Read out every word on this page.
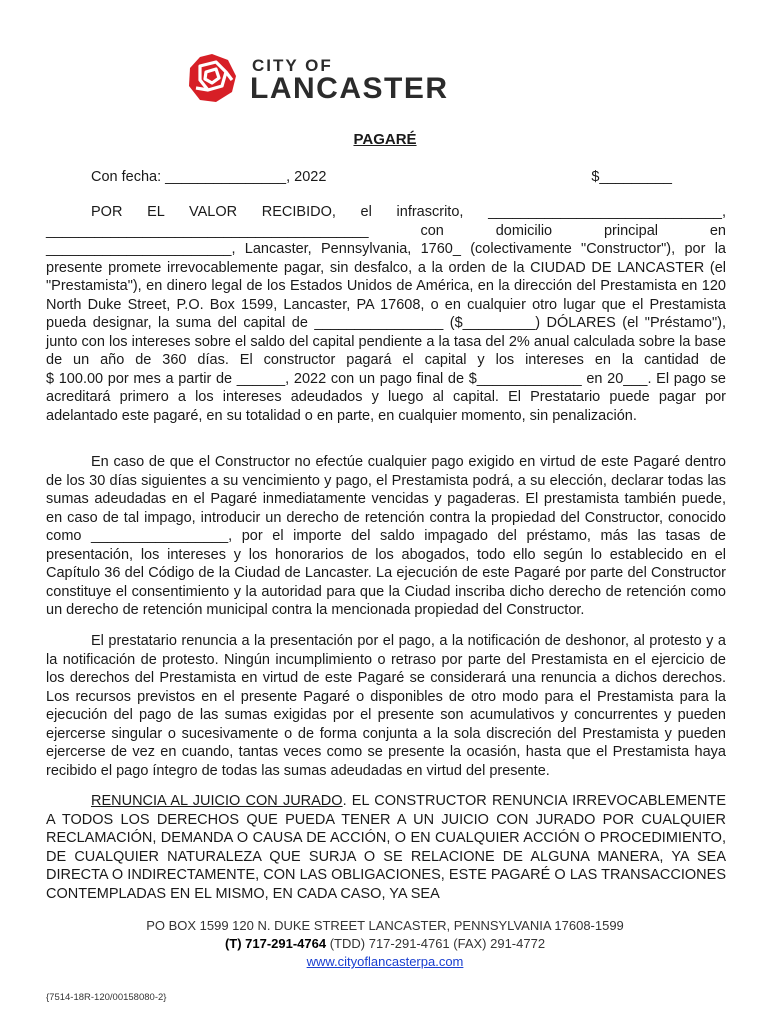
CITY OF
LANCASTER
PAGARÉ
Con fecha: _______________, 2022	$_________
POR EL VALOR RECIBIDO, el infrascrito, _____________________________, ________________________________________ con domicilio principal en
_______________________, Lancaster, Pennsylvania, 1760_ (colectivamente "Constructor"), por la presente promete irrevocablemente pagar, sin desfalco, a la orden de la CIUDAD DE LANCASTER (el "Prestamista"), en dinero legal de los Estados Unidos de América, en la dirección del Prestamista en 120 North Duke Street, P.O. Box 1599, Lancaster, PA 17608, o en cualquier otro lugar que el Prestamista pueda designar, la suma del capital de ________________ ($_________) DÓLARES (el "Préstamo"), junto con los intereses sobre el saldo del capital pendiente a la tasa del 2% anual calculada sobre la base de un año de 360 días. El constructor pagará el capital y los intereses en la cantidad de
$ 100.00 por mes a partir de ______, 2022 con un pago final de $_____________ en 20___. El pago se acreditará primero a los intereses adeudados y luego al capital. El Prestatario puede pagar por adelantado este pagaré, en su totalidad o en parte, en cualquier momento, sin penalización.
En caso de que el Constructor no efectúe cualquier pago exigido en virtud de este Pagaré dentro de los 30 días siguientes a su vencimiento y pago, el Prestamista podrá, a su elección, declarar todas las sumas adeudadas en el Pagaré inmediatamente vencidas y pagaderas. El prestamista también puede, en caso de tal impago, introducir un derecho de retención contra la propiedad del Constructor, conocido como _________________, por el importe del saldo impagado del préstamo, más las tasas de presentación, los intereses y los honorarios de los abogados, todo ello según lo establecido en el Capítulo 36 del Código de la Ciudad de Lancaster. La ejecución de este Pagaré por parte del Constructor constituye el consentimiento y la autoridad para que la Ciudad inscriba dicho derecho de retención como un derecho de retención municipal contra la mencionada propiedad del Constructor.
El prestatario renuncia a la presentación por el pago, a la notificación de deshonor, al protesto y a la notificación de protesto. Ningún incumplimiento o retraso por parte del Prestamista en el ejercicio de los derechos del Prestamista en virtud de este Pagaré se considerará una renuncia a dichos derechos. Los recursos previstos en el presente Pagaré o disponibles de otro modo para el Prestamista para la ejecución del pago de las sumas exigidas por el presente son acumulativos y concurrentes y pueden ejercerse singular o sucesivamente o de forma conjunta a la sola discreción del Prestamista y pueden ejercerse de vez en cuando, tantas veces como se presente la ocasión, hasta que el Prestamista haya recibido el pago íntegro de todas las sumas adeudadas en virtud del presente.
RENUNCIA AL JUICIO CON JURADO. EL CONSTRUCTOR RENUNCIA IRREVOCABLEMENTE A TODOS LOS DERECHOS QUE PUEDA TENER A UN JUICIO CON JURADO POR CUALQUIER RECLAMACIÓN, DEMANDA O CAUSA DE ACCIÓN, O EN CUALQUIER ACCIÓN O PROCEDIMIENTO, DE CUALQUIER NATURALEZA QUE SURJA O SE RELACIONE DE ALGUNA MANERA, YA SEA DIRECTA O INDIRECTAMENTE, CON LAS OBLIGACIONES, ESTE PAGARÉ O LAS TRANSACCIONES CONTEMPLADAS EN EL MISMO, EN CADA CASO, YA SEA
PO BOX 1599 120 N. DUKE STREET LANCASTER, PENNSYLVANIA 17608-1599
(T) 717-291-4764 (TDD) 717-291-4761 (FAX) 291-4772
www.cityoflancasterpa.com
{7514-18R-120/00158080-2}
